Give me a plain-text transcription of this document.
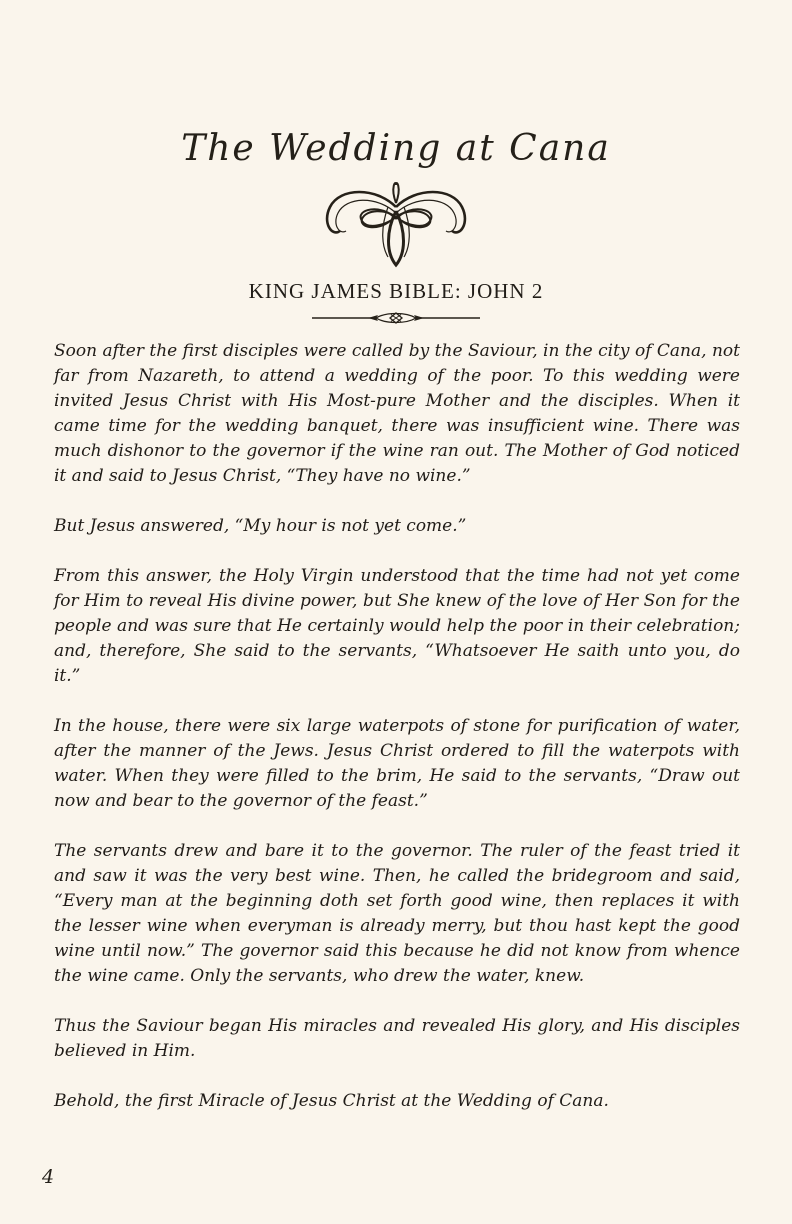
The Wedding at Cana
KING JAMES BIBLE: JOHN 2

Soon after the first disciples were called by the Saviour, in the city of Cana, not far from Nazareth, to attend a wedding of the poor. To this wedding were invited Jesus Christ with His Most-pure Mother and the disciples. When it came time for the wedding banquet, there was insufficient wine. There was much dishonor to the governor if the wine ran out. The Mother of God noticed it and said to Jesus Christ, “They have no wine.”

But Jesus answered, “My hour is not yet come.”

From this answer, the Holy Virgin understood that the time had not yet come for Him to reveal His divine power, but She knew of the love of Her Son for the people and was sure that He certainly would help the poor in their celebration; and, therefore, She said to the servants, “Whatsoever He saith unto you, do it.”

In the house, there were six large waterpots of stone for purification of water, after the manner of the Jews. Jesus Christ ordered to fill the waterpots with water. When they were filled to the brim, He said to the servants, “Draw out now and bear to the governor of the feast.”

The servants drew and bare it to the governor. The ruler of the feast tried it and saw it was the very best wine. Then, he called the bridegroom and said, “Every man at the beginning doth set forth good wine, then replaces it with the lesser wine when everyman is already merry, but thou hast kept the good wine until now.” The governor said this because he did not know from whence the wine came. Only the servants, who drew the water, knew.

Thus the Saviour began His miracles and revealed His glory, and His disciples believed in Him.

Behold, the first Miracle of Jesus Christ at the Wedding of Cana.

4
